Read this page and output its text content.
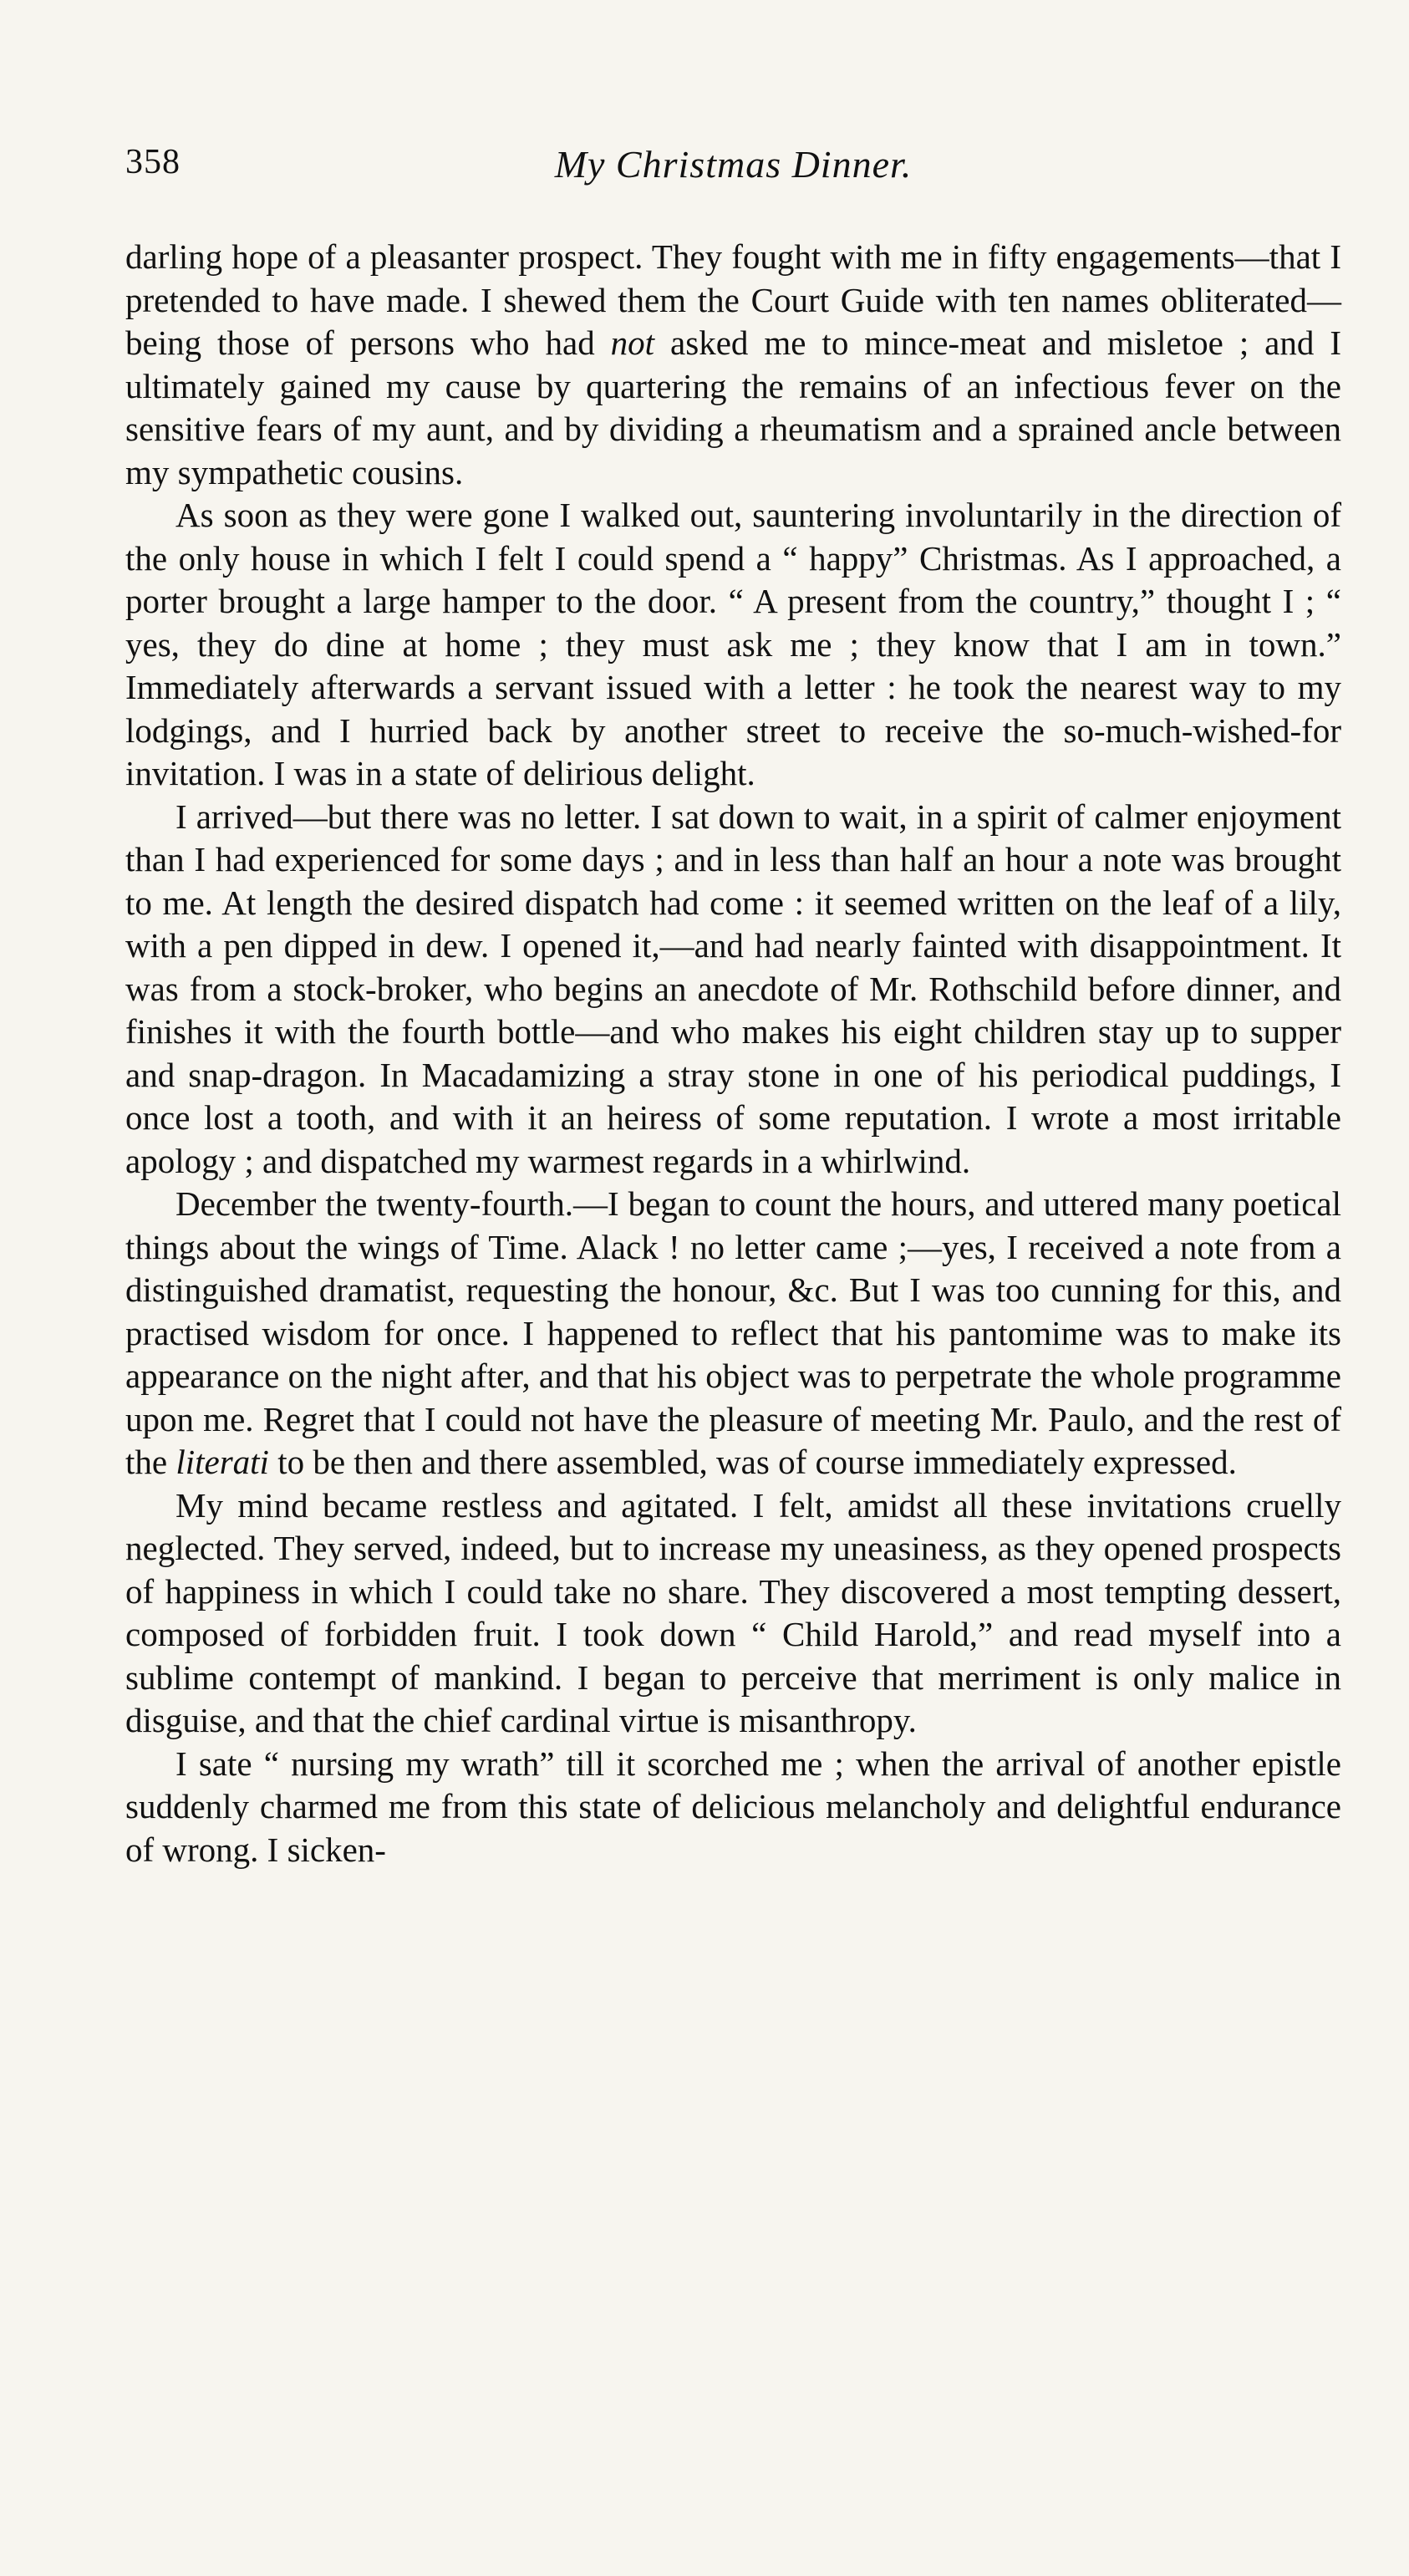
358	My Christmas Dinner.

darling hope of a pleasanter prospect. They fought with me in fifty engagements—that I pretended to have made. I shewed them the Court Guide with ten names obliterated—being those of persons who had not asked me to mince-meat and misletoe ; and I ultimately gained my cause by quartering the remains of an infectious fever on the sensitive fears of my aunt, and by dividing a rheumatism and a sprained ancle between my sympathetic cousins.

As soon as they were gone I walked out, sauntering involuntarily in the direction of the only house in which I felt I could spend a “ happy” Christmas. As I approached, a porter brought a large hamper to the door. “ A present from the country,” thought I ; “ yes, they do dine at home ; they must ask me ; they know that I am in town.” Immediately afterwards a servant issued with a letter : he took the nearest way to my lodgings, and I hurried back by another street to receive the so-much-wished-for invitation. I was in a state of delirious delight.

I arrived—but there was no letter. I sat down to wait, in a spirit of calmer enjoyment than I had experienced for some days ; and in less than half an hour a note was brought to me. At length the desired dispatch had come : it seemed written on the leaf of a lily, with a pen dipped in dew. I opened it,—and had nearly fainted with disappointment. It was from a stock-broker, who begins an anecdote of Mr. Rothschild before dinner, and finishes it with the fourth bottle—and who makes his eight children stay up to supper and snap-dragon. In Macadamizing a stray stone in one of his periodical puddings, I once lost a tooth, and with it an heiress of some reputation. I wrote a most irritable apology ; and dispatched my warmest regards in a whirlwind.

December the twenty-fourth.—I began to count the hours, and uttered many poetical things about the wings of Time. Alack ! no letter came ;—yes, I received a note from a distinguished dramatist, requesting the honour, &c. But I was too cunning for this, and practised wisdom for once. I happened to reflect that his pantomime was to make its appearance on the night after, and that his object was to perpetrate the whole programme upon me. Regret that I could not have the pleasure of meeting Mr. Paulo, and the rest of the literati to be then and there assembled, was of course immediately expressed.

My mind became restless and agitated. I felt, amidst all these invitations cruelly neglected. They served, indeed, but to increase my uneasiness, as they opened prospects of happiness in which I could take no share. They discovered a most tempting dessert, composed of forbidden fruit. I took down “ Child Harold,” and read myself into a sublime contempt of mankind. I began to perceive that merriment is only malice in disguise, and that the chief cardinal virtue is misanthropy.

I sate “ nursing my wrath” till it scorched me ; when the arrival of another epistle suddenly charmed me from this state of delicious melancholy and delightful endurance of wrong. I sicken-
